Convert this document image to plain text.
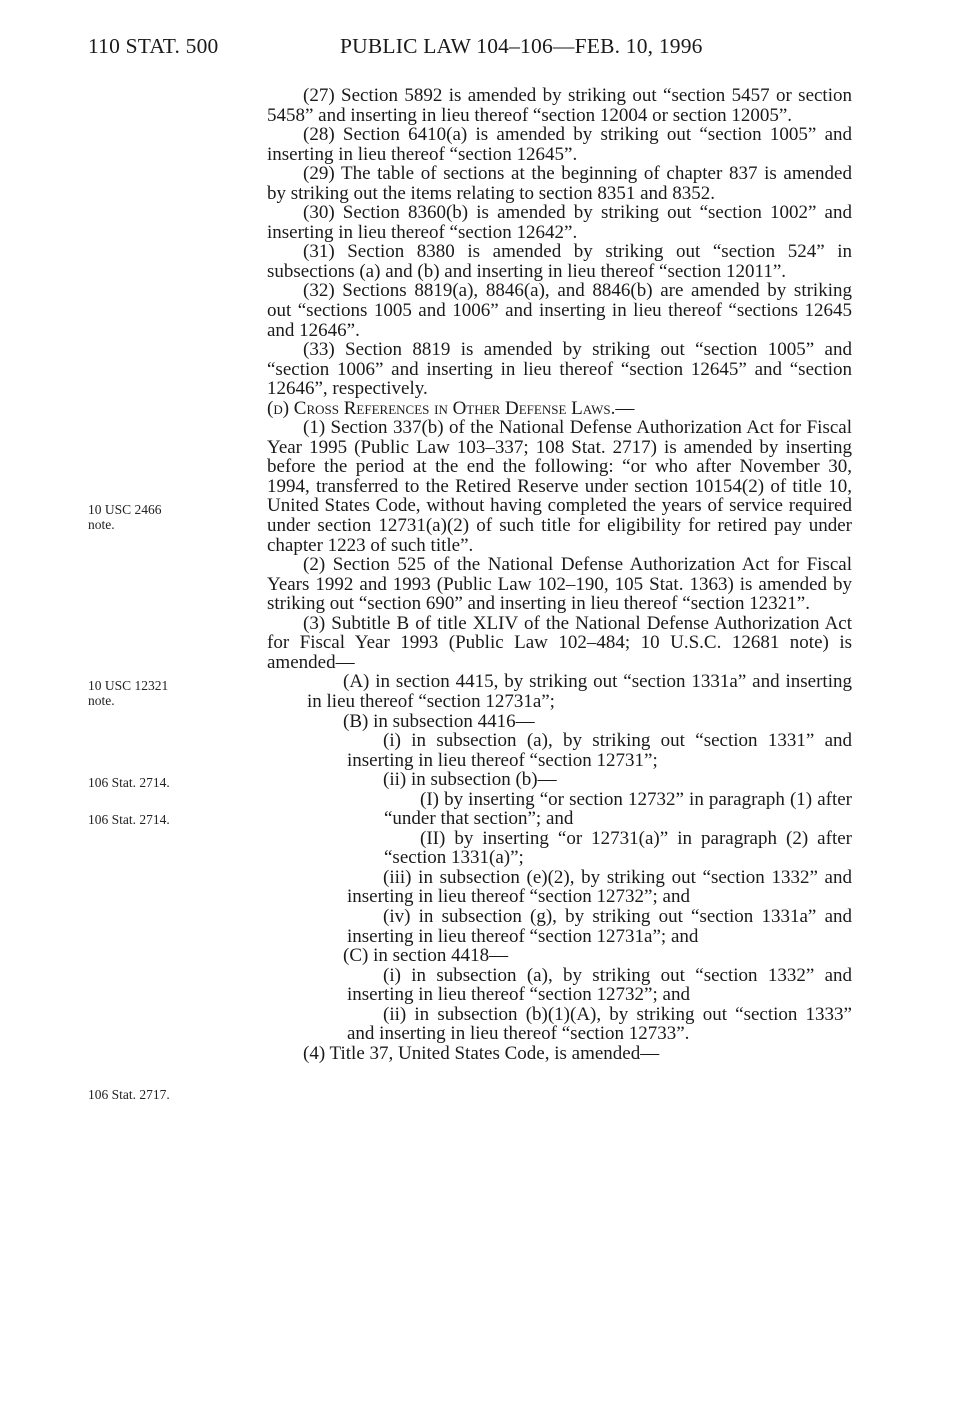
110 STAT. 500	PUBLIC LAW 104–106—FEB. 10, 1996
10 USC 2466
note.
10 USC 12321
note.
106 Stat. 2714.
106 Stat. 2714.
106 Stat. 2717.

(27) Section 5892 is amended by striking out “section 5457 or section 5458” and inserting in lieu thereof “section 12004 or section 12005”.

(28) Section 6410(a) is amended by striking out “section 1005” and inserting in lieu thereof “section 12645”.

(29) The table of sections at the beginning of chapter 837 is amended by striking out the items relating to section 8351 and 8352.

(30) Section 8360(b) is amended by striking out “section 1002” and inserting in lieu thereof “section 12642”.

(31) Section 8380 is amended by striking out “section 524” in subsections (a) and (b) and inserting in lieu thereof “section 12011”.

(32) Sections 8819(a), 8846(a), and 8846(b) are amended by striking out “sections 1005 and 1006” and inserting in lieu thereof “sections 12645 and 12646”.

(33) Section 8819 is amended by striking out “section 1005” and “section 1006” and inserting in lieu thereof “section 12645” and “section 12646”, respectively.

(d) Cross References in Other Defense Laws.—

(1) Section 337(b) of the National Defense Authorization Act for Fiscal Year 1995 (Public Law 103–337; 108 Stat. 2717) is amended by inserting before the period at the end the following: “or who after November 30, 1994, transferred to the Retired Reserve under section 10154(2) of title 10, United States Code, without having completed the years of service required under section 12731(a)(2) of such title for eligibility for retired pay under chapter 1223 of such title”.

(2) Section 525 of the National Defense Authorization Act for Fiscal Years 1992 and 1993 (Public Law 102–190, 105 Stat. 1363) is amended by striking out “section 690” and inserting in lieu thereof “section 12321”.

(3) Subtitle B of title XLIV of the National Defense Authorization Act for Fiscal Year 1993 (Public Law 102–484; 10 U.S.C. 12681 note) is amended—

(A) in section 4415, by striking out “section 1331a” and inserting in lieu thereof “section 12731a”;

(B) in subsection 4416—

(i) in subsection (a), by striking out “section 1331” and inserting in lieu thereof “section 12731”;

(ii) in subsection (b)—

(I) by inserting “or section 12732” in paragraph (1) after “under that section”; and

(II) by inserting “or 12731(a)” in paragraph (2) after “section 1331(a)”;

(iii) in subsection (e)(2), by striking out “section 1332” and inserting in lieu thereof “section 12732”; and

(iv) in subsection (g), by striking out “section 1331a” and inserting in lieu thereof “section 12731a”; and

(C) in section 4418—

(i) in subsection (a), by striking out “section 1332” and inserting in lieu thereof “section 12732”; and

(ii) in subsection (b)(1)(A), by striking out “section 1333” and inserting in lieu thereof “section 12733”.

(4) Title 37, United States Code, is amended—
